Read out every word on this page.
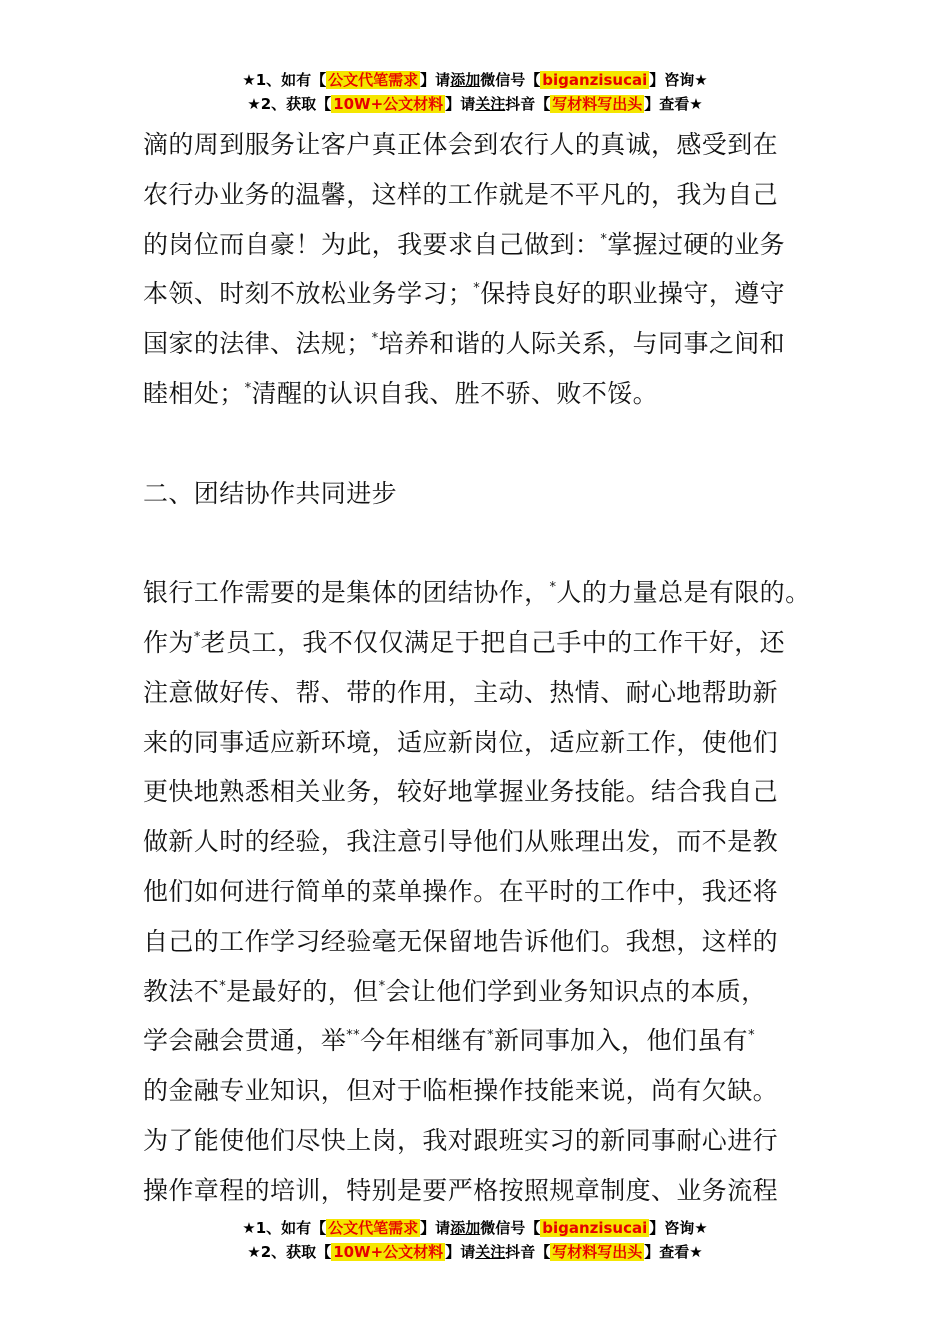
★1、如有【 公文代笔需求 】请添加微信号【 biganzisucai 】咨询★
★2、获取【 10W+公文材料 】请关注抖音【 写材料写出头 】查看★

滴的周到服务让客户真正体会到农行人的真诚，感受到在

农行办业务的温馨，这样的工作就是不平凡的，我为自己

的岗位而自豪！为此，我要求自己做到：*掌握过硬的业务

本领、时刻不放松业务学习；*保持良好的职业操守，遵守

国家的法律、法规；*培养和谐的人际关系，与同事之间和

睦相处；*清醒的认识自我、胜不骄、败不馁。

二、团结协作共同进步

银行工作需要的是集体的团结协作，*人的力量总是有限的。

作为*老员工，我不仅仅满足于把自己手中的工作干好，还

注意做好传、帮、带的作用，主动、热情、耐心地帮助新

来的同事适应新环境，适应新岗位，适应新工作，使他们

更快地熟悉相关业务，较好地掌握业务技能。结合我自己

做新人时的经验，我注意引导他们从账理出发，而不是教

他们如何进行简单的菜单操作。在平时的工作中，我还将

自己的工作学习经验毫无保留地告诉他们。我想，这样的

教法不*是最好的，但*会让他们学到业务知识点的本质，

学会融会贯通，举**今年相继有*新同事加入，他们虽有*

的金融专业知识，但对于临柜操作技能来说，尚有欠缺。

为了能使他们尽快上岗，我对跟班实习的新同事耐心进行

操作章程的培训，特别是要严格按照规章制度、业务流程

★1、如有【 公文代笔需求 】请添加微信号【 biganzisucai 】咨询★
★2、获取【 10W+公文材料 】请关注抖音【 写材料写出头 】查看★
